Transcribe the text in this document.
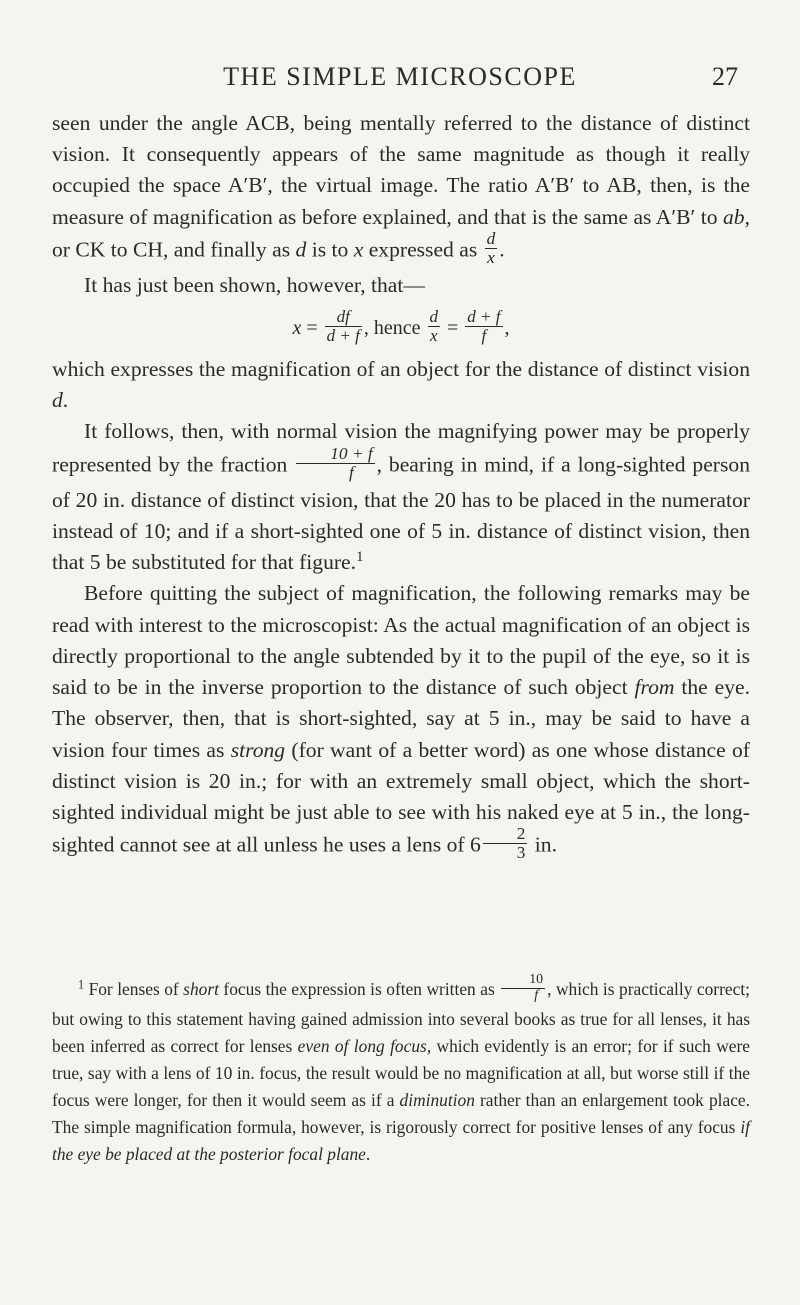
THE SIMPLE MICROSCOPE	27

seen under the angle ACB, being mentally referred to the distance of distinct vision. It consequently appears of the same magnitude as though it really occupied the space A′B′, the virtual image. The ratio A′B′ to AB, then, is the measure of magnification as before explained, and that is the same as A′B′ to ab, or CK to CH, and finally as d is to x expressed as $\frac{d}{x}$ .

It has just been shown, however, that—

$x = \frac{df}{d + f}$ , hence $\frac{d}{x} = \frac{d + f}{f}$ ,

which expresses the magnification of an object for the distance of distinct vision d.

It follows, then, with normal vision the magnifying power may be properly represented by the fraction $\frac{10 + f}{f}$ , bearing in mind, if a long-sighted person of 20 in. distance of distinct vision, that the 20 has to be placed in the numerator instead of 10; and if a short-sighted one of 5 in. distance of distinct vision, then that 5 be substituted for that figure.$^1$

Before quitting the subject of magnification, the following remarks may be read with interest to the microscopist: As the actual magnification of an object is directly proportional to the angle subtended by it to the pupil of the eye, so it is said to be in the inverse proportion to the distance of such object from the eye. The observer, then, that is short-sighted, say at 5 in., may be said to have a vision four times as strong (for want of a better word) as one whose distance of distinct vision is 20 in.; for with an extremely small object, which the short-sighted individual might be just able to see with his naked eye at 5 in., the long-sighted cannot see at all unless he uses a lens of $6 \frac{2}{3}$ in.

$^1$ For lenses of short focus the expression is often written as $\frac{10}{f}$ , which is practically correct; but owing to this statement having gained admission into several books as true for all lenses, it has been inferred as correct for lenses even of long focus, which evidently is an error; for if such were true, say with a lens of 10 in. focus, the result would be no magnification at all, but worse still if the focus were longer, for then it would seem as if a diminution rather than an enlargement took place. The simple magnification formula, however, is rigorously correct for positive lenses of any focus if the eye be placed at the posterior focal plane.
